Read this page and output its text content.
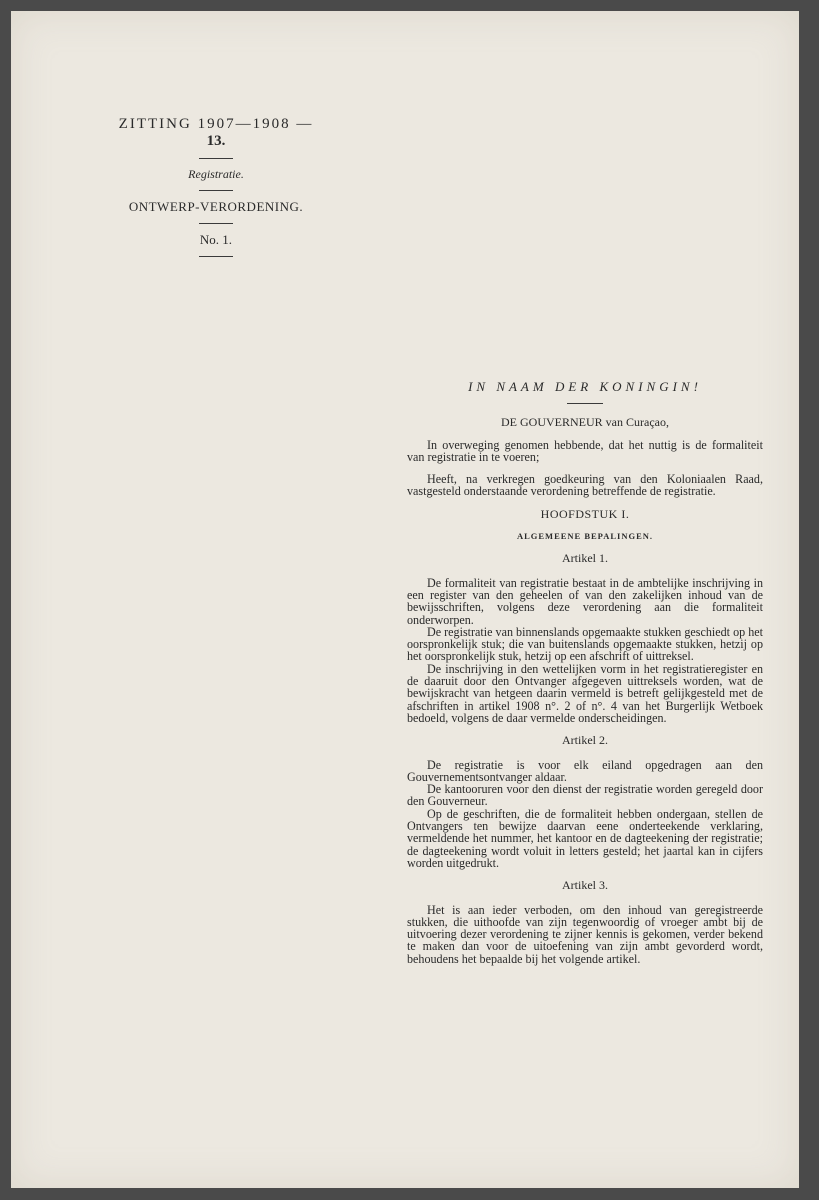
ZITTING 1907—1908 — 13.
Registratie.
ONTWERP-VERORDENING.
No. 1.
IN NAAM DER KONINGIN!
DE GOUVERNEUR van Curaçao,

In overweging genomen hebbende, dat het nuttig is de formaliteit van registratie in te voeren;

Heeft, na verkregen goedkeuring van den Koloniaalen Raad, vastgesteld onderstaande verordening betreffende de registratie.

HOOFDSTUK I.
ALGEMEENE BEPALINGEN.
Artikel 1.

De formaliteit van registratie bestaat in de ambtelijke inschrijving in een register van den geheelen of van den zakelijken inhoud van de bewijsschriften, volgens deze verordening aan die formaliteit onderworpen.

De registratie van binnenslands opgemaakte stukken geschiedt op het oorspronkelijk stuk; die van buitenslands opgemaakte stukken, hetzij op het oorspronkelijk stuk, hetzij op een afschrift of uittreksel.

De inschrijving in den wettelijken vorm in het registratieregister en de daaruit door den Ontvanger afgegeven uittreksels worden, wat de bewijskracht van hetgeen daarin vermeld is betreft gelijkgesteld met de afschriften in artikel 1908 n°. 2 of n°. 4 van het Burgerlijk Wetboek bedoeld, volgens de daar vermelde onderscheidingen.

Artikel 2.

De registratie is voor elk eiland opgedragen aan den Gouvernementsontvanger aldaar.

De kantooruren voor den dienst der registratie worden geregeld door den Gouverneur.

Op de geschriften, die de formaliteit hebben ondergaan, stellen de Ontvangers ten bewijze daarvan eene onderteekende verklaring, vermeldende het nummer, het kantoor en de dagteekening der registratie; de dagteekening wordt voluit in letters gesteld; het jaartal kan in cijfers worden uitgedrukt.

Artikel 3.

Het is aan ieder verboden, om den inhoud van geregistreerde stukken, die uithoofde van zijn tegenwoordig of vroeger ambt bij de uitvoering dezer verordening te zijner kennis is gekomen, verder bekend te maken dan voor de uitoefening van zijn ambt gevorderd wordt, behoudens het bepaalde bij het volgende artikel.
